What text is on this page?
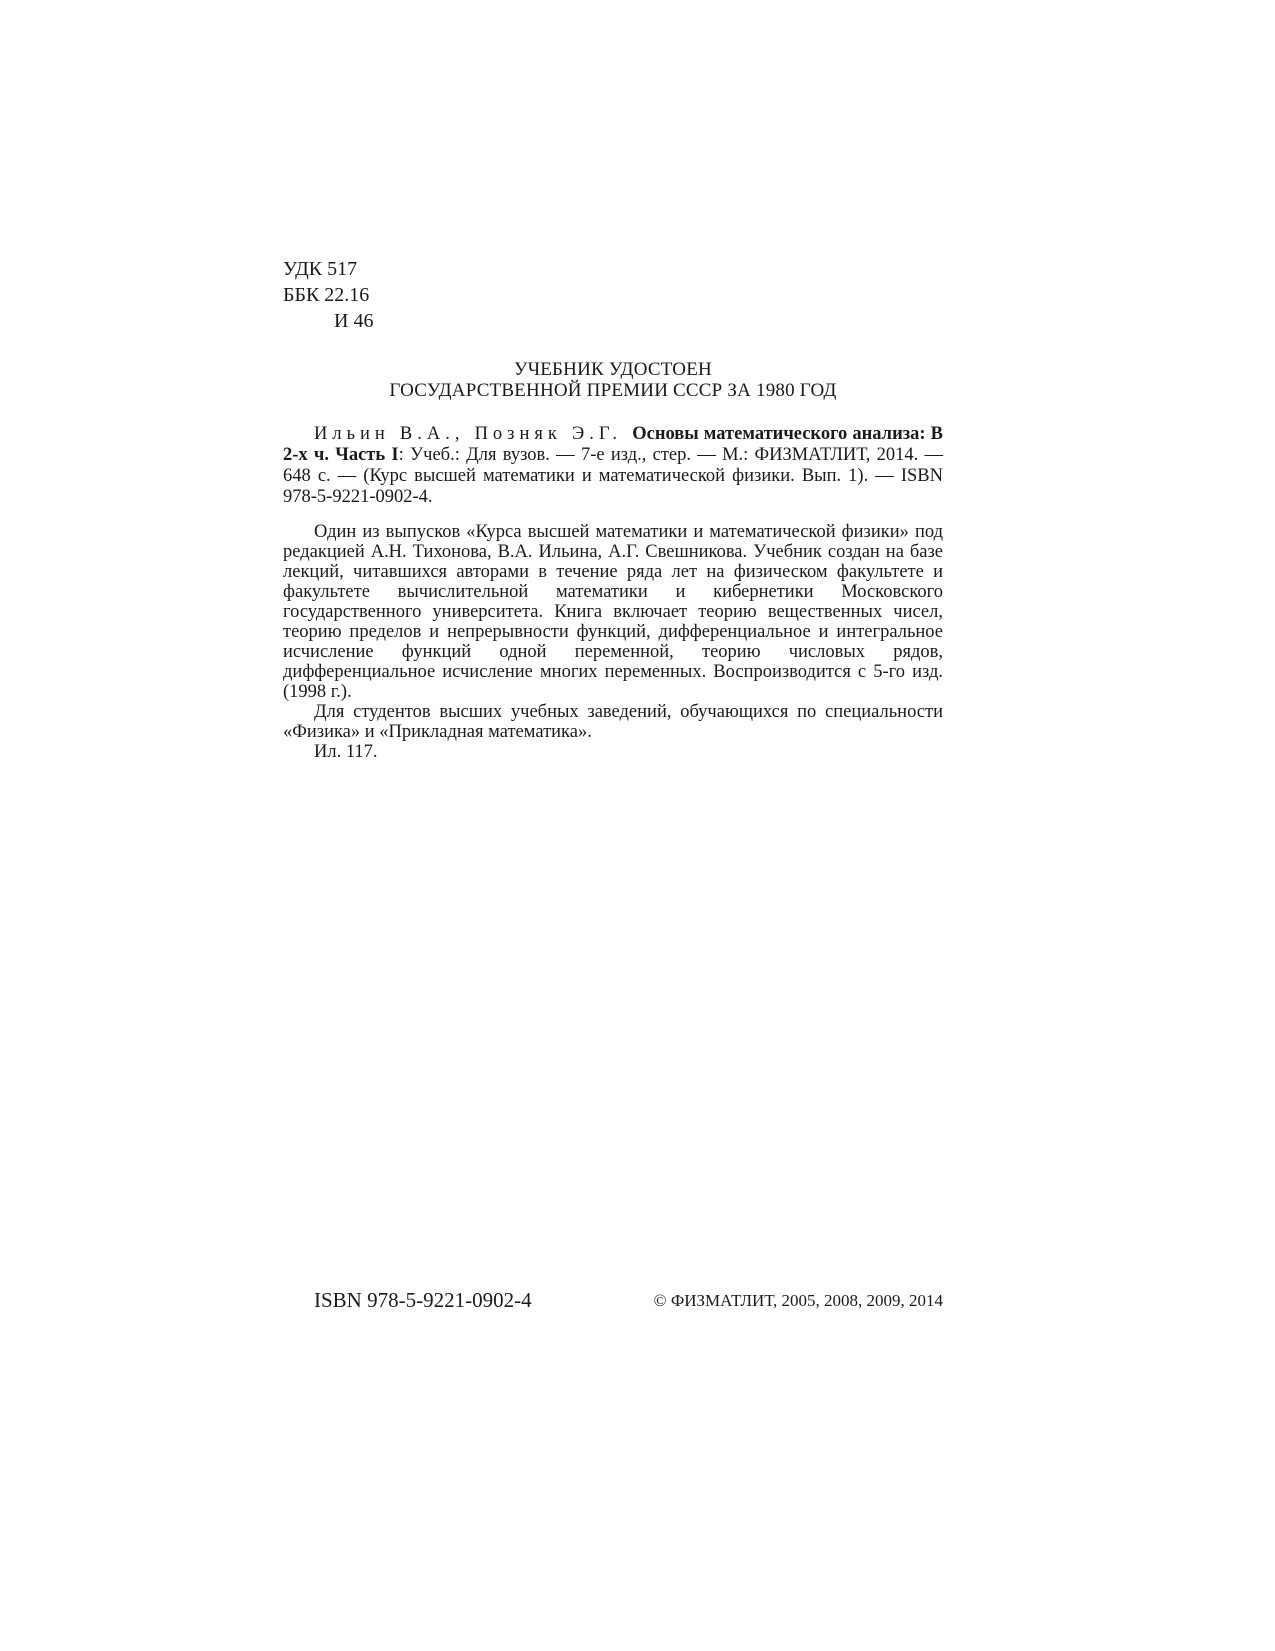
УДК 517
ББК 22.16
И 46
УЧЕБНИК УДОСТОЕН
ГОСУДАРСТВЕННОЙ ПРЕМИИ СССР ЗА 1980 ГОД
Ильин В.А., Позняк Э.Г. Основы математического анализа: В 2-х ч. Часть I: Учеб.: Для вузов. — 7-е изд., стер. — М.: ФИЗМАТЛИТ, 2014. — 648 с. — (Курс высшей математики и математической физики. Вып. 1). — ISBN 978-5-9221-0902-4.

Один из выпусков «Курса высшей математики и математической физики» под редакцией А.Н. Тихонова, В.А. Ильина, А.Г. Свешникова. Учебник создан на базе лекций, читавшихся авторами в течение ряда лет на физическом факультете и факультете вычислительной математики и кибернетики Московского государственного университета. Книга включает теорию вещественных чисел, теорию пределов и непрерывности функций, дифференциальное и интегральное исчисление функций одной переменной, теорию числовых рядов, дифференциальное исчисление многих переменных. Воспроизводится с 5-го изд. (1998 г.).

Для студентов высших учебных заведений, обучающихся по специальности «Физика» и «Прикладная математика».

Ил. 117.

ISBN 978-5-9221-0902-4	© ФИЗМАТЛИТ, 2005, 2008, 2009, 2014
